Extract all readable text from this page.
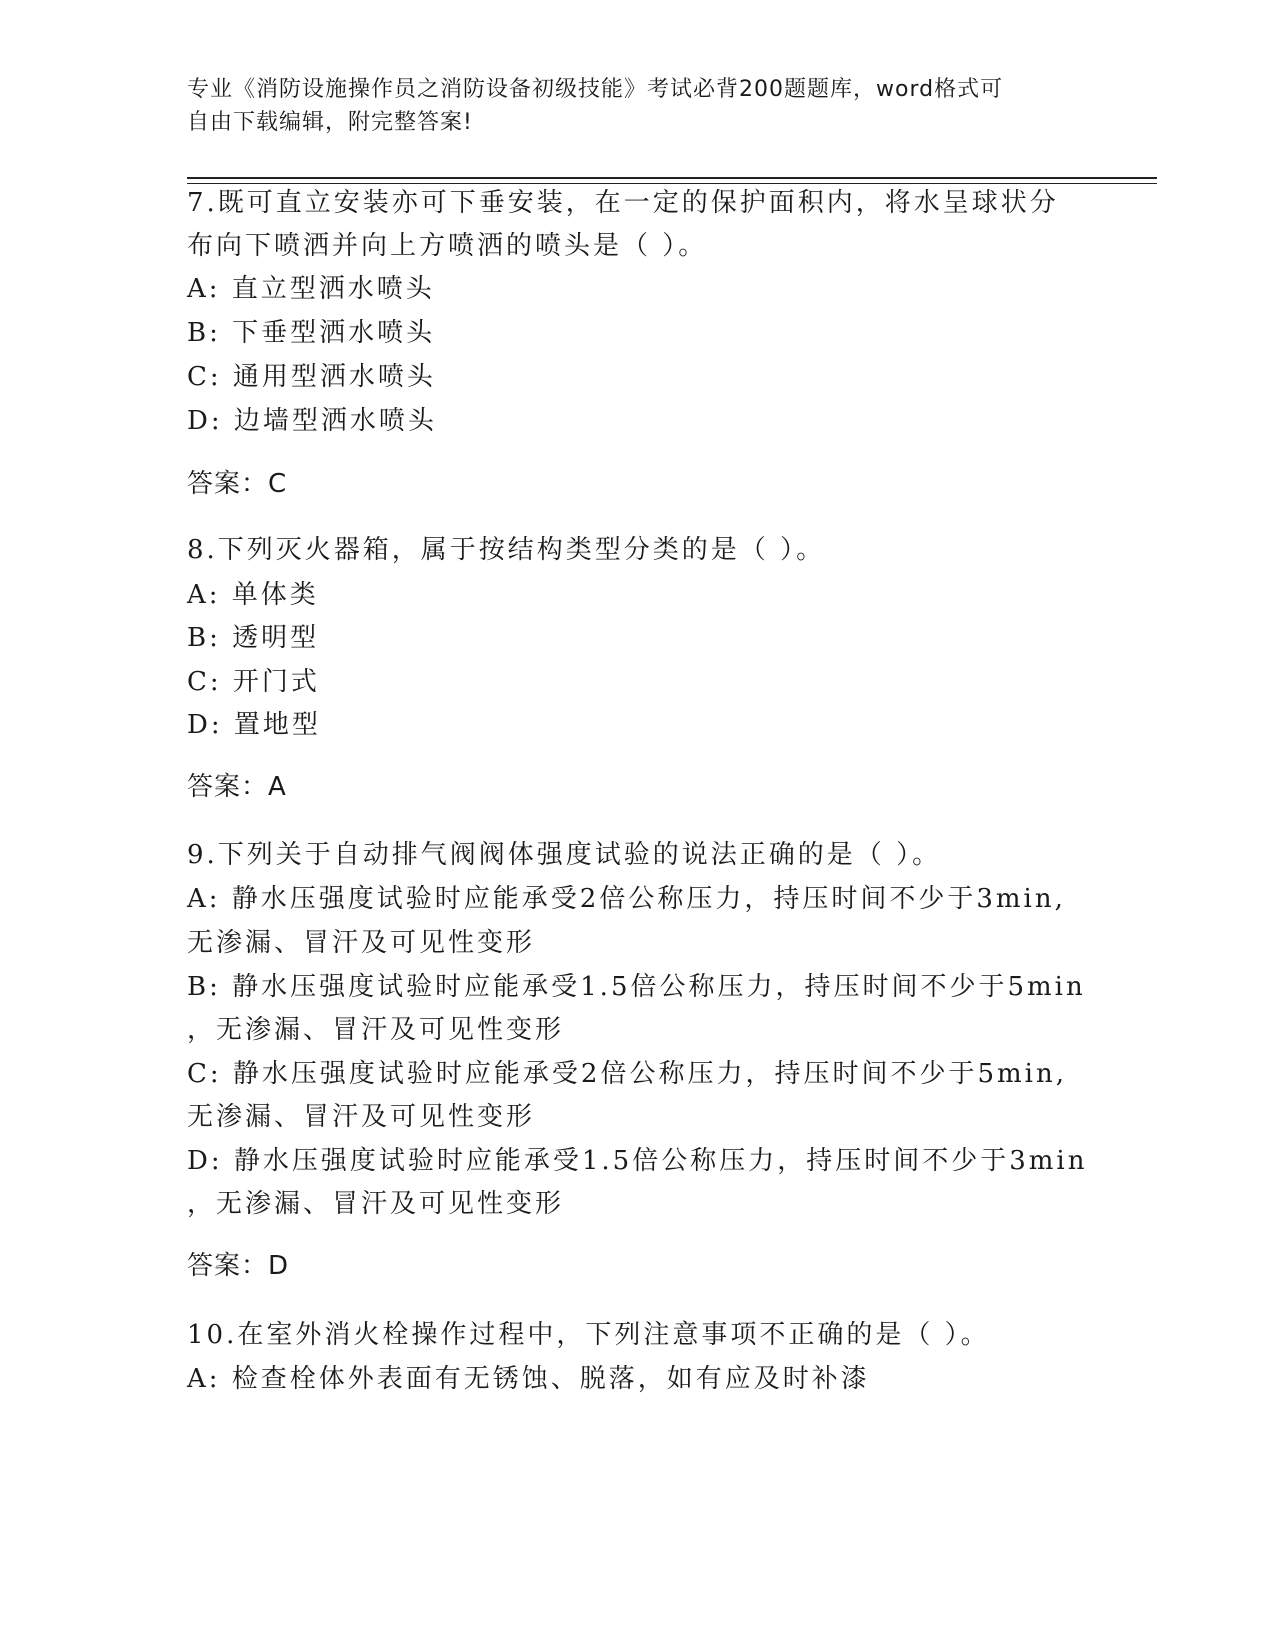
专业《消防设施操作员之消防设备初级技能》考试必背200题题库，word格式可
自由下载编辑，附完整答案!
7.既可直立安装亦可下垂安装，在一定的保护面积内，将水呈球状分
布向下喷洒并向上方喷洒的喷头是（ ）。
A: 直立型洒水喷头
B: 下垂型洒水喷头
C: 通用型洒水喷头
D: 边墙型洒水喷头
答案：C
8.下列灭火器箱，属于按结构类型分类的是（ ）。
A: 单体类
B: 透明型
C: 开门式
D: 置地型
答案：A
9.下列关于自动排气阀阀体强度试验的说法正确的是（ ）。
A: 静水压强度试验时应能承受2倍公称压力，持压时间不少于3min,
无渗漏、冒汗及可见性变形
B: 静水压强度试验时应能承受1.5倍公称压力，持压时间不少于5min
，无渗漏、冒汗及可见性变形
C: 静水压强度试验时应能承受2倍公称压力，持压时间不少于5min,
无渗漏、冒汗及可见性变形
D: 静水压强度试验时应能承受1.5倍公称压力，持压时间不少于3min
，无渗漏、冒汗及可见性变形
答案：D
10.在室外消火栓操作过程中，下列注意事项不正确的是（ ）。
A: 检查栓体外表面有无锈蚀、脱落，如有应及时补漆
